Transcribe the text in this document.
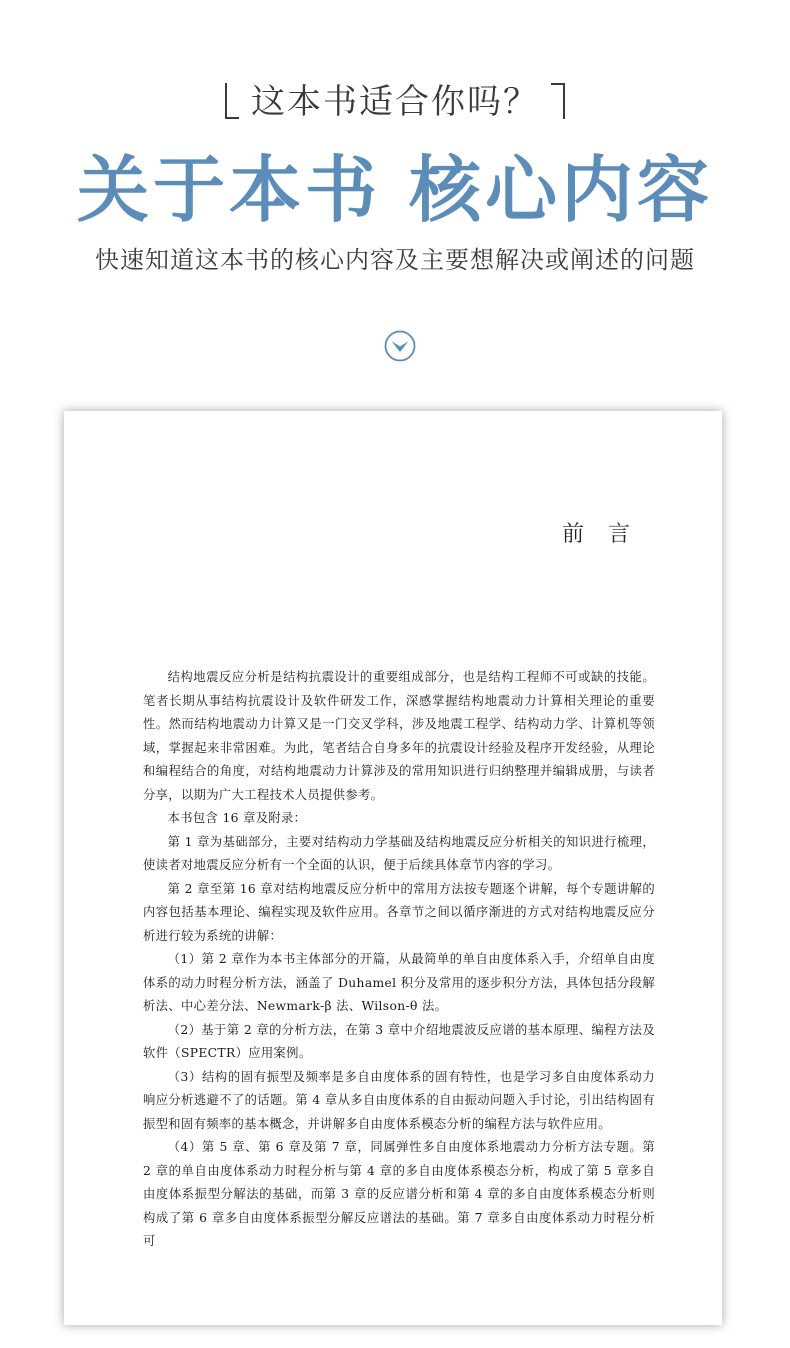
这本书适合你吗？
关于本书 核心内容
快速知道这本书的核心内容及主要想解决或阐述的问题
前言

结构地震反应分析是结构抗震设计的重要组成部分，也是结构工程师不可或缺的技能。笔者长期从事结构抗震设计及软件研发工作，深感掌握结构地震动力计算相关理论的重要性。然而结构地震动力计算又是一门交叉学科，涉及地震工程学、结构动力学、计算机等领域，掌握起来非常困难。为此，笔者结合自身多年的抗震设计经验及程序开发经验，从理论和编程结合的角度，对结构地震动力计算涉及的常用知识进行归纳整理并编辑成册，与读者分享，以期为广大工程技术人员提供参考。

本书包含 16 章及附录：

第 1 章为基础部分，主要对结构动力学基础及结构地震反应分析相关的知识进行梳理，使读者对地震反应分析有一个全面的认识，便于后续具体章节内容的学习。

第 2 章至第 16 章对结构地震反应分析中的常用方法按专题逐个讲解，每个专题讲解的内容包括基本理论、编程实现及软件应用。各章节之间以循序渐进的方式对结构地震反应分析进行较为系统的讲解：

（1）第 2 章作为本书主体部分的开篇，从最简单的单自由度体系入手，介绍单自由度体系的动力时程分析方法，涵盖了 Duhamel 积分及常用的逐步积分方法，具体包括分段解析法、中心差分法、Newmark-β 法、Wilson-θ 法。

（2）基于第 2 章的分析方法，在第 3 章中介绍地震波反应谱的基本原理、编程方法及软件（SPECTR）应用案例。

（3）结构的固有振型及频率是多自由度体系的固有特性，也是学习多自由度体系动力响应分析逃避不了的话题。第 4 章从多自由度体系的自由振动问题入手讨论，引出结构固有振型和固有频率的基本概念，并讲解多自由度体系模态分析的编程方法与软件应用。

（4）第 5 章、第 6 章及第 7 章，同属弹性多自由度体系地震动力分析方法专题。第 2 章的单自由度体系动力时程分析与第 4 章的多自由度体系模态分析，构成了第 5 章多自由度体系振型分解法的基础，而第 3 章的反应谱分析和第 4 章的多自由度体系模态分析则构成了第 6 章多自由度体系振型分解反应谱法的基础。第 7 章多自由度体系动力时程分析可
